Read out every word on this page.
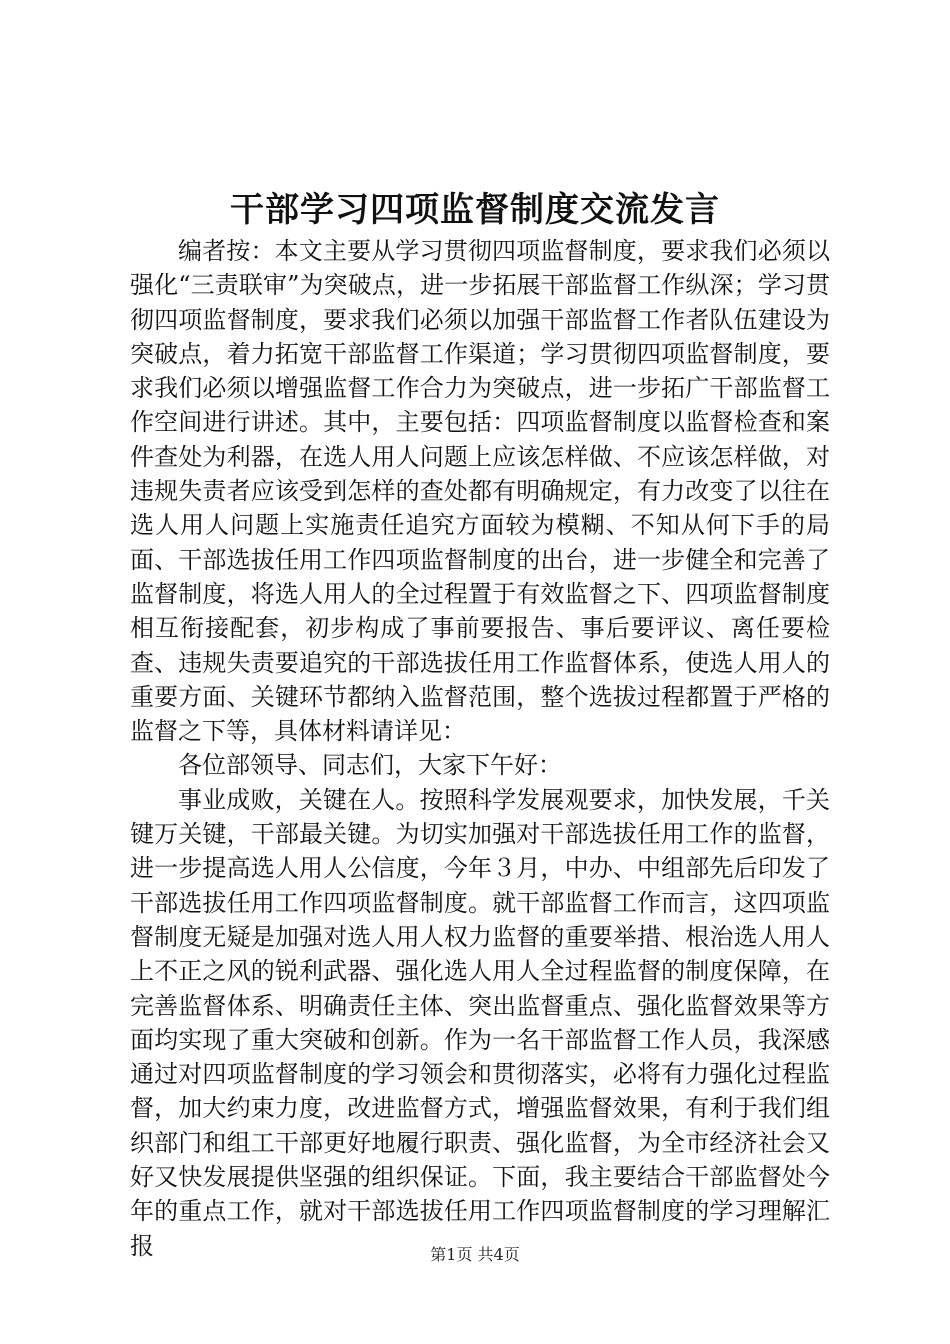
干部学习四项监督制度交流发言

编者按：本文主要从学习贯彻四项监督制度，要求我们必须以强化“三责联审”为突破点，进一步拓展干部监督工作纵深；学习贯彻四项监督制度，要求我们必须以加强干部监督工作者队伍建设为突破点，着力拓宽干部监督工作渠道；学习贯彻四项监督制度，要求我们必须以增强监督工作合力为突破点，进一步拓广干部监督工作空间进行讲述。其中，主要包括：四项监督制度以监督检查和案件查处为利器，在选人用人问题上应该怎样做、不应该怎样做，对违规失责者应该受到怎样的查处都有明确规定，有力改变了以往在选人用人问题上实施责任追究方面较为模糊、不知从何下手的局面、干部选拔任用工作四项监督制度的出台，进一步健全和完善了监督制度，将选人用人的全过程置于有效监督之下、四项监督制度相互衔接配套，初步构成了事前要报告、事后要评议、离任要检查、违规失责要追究的干部选拔任用工作监督体系，使选人用人的重要方面、关键环节都纳入监督范围，整个选拔过程都置于严格的监督之下等，具体材料请详见：

各位部领导、同志们，大家下午好：

事业成败，关键在人。按照科学发展观要求，加快发展，千关键万关键，干部最关键。为切实加强对干部选拔任用工作的监督，进一步提高选人用人公信度，今年３月，中办、中组部先后印发了干部选拔任用工作四项监督制度。就干部监督工作而言，这四项监督制度无疑是加强对选人用人权力监督的重要举措、根治选人用人上不正之风的锐利武器、强化选人用人全过程监督的制度保障，在完善监督体系、明确责任主体、突出监督重点、强化监督效果等方面均实现了重大突破和创新。作为一名干部监督工作人员，我深感通过对四项监督制度的学习领会和贯彻落实，必将有力强化过程监督，加大约束力度，改进监督方式，增强监督效果，有利于我们组织部门和组工干部更好地履行职责、强化监督，为全市经济社会又好又快发展提供坚强的组织保证。下面，我主要结合干部监督处今年的重点工作，就对干部选拔任用工作四项监督制度的学习理解汇报	第1页 共4页
